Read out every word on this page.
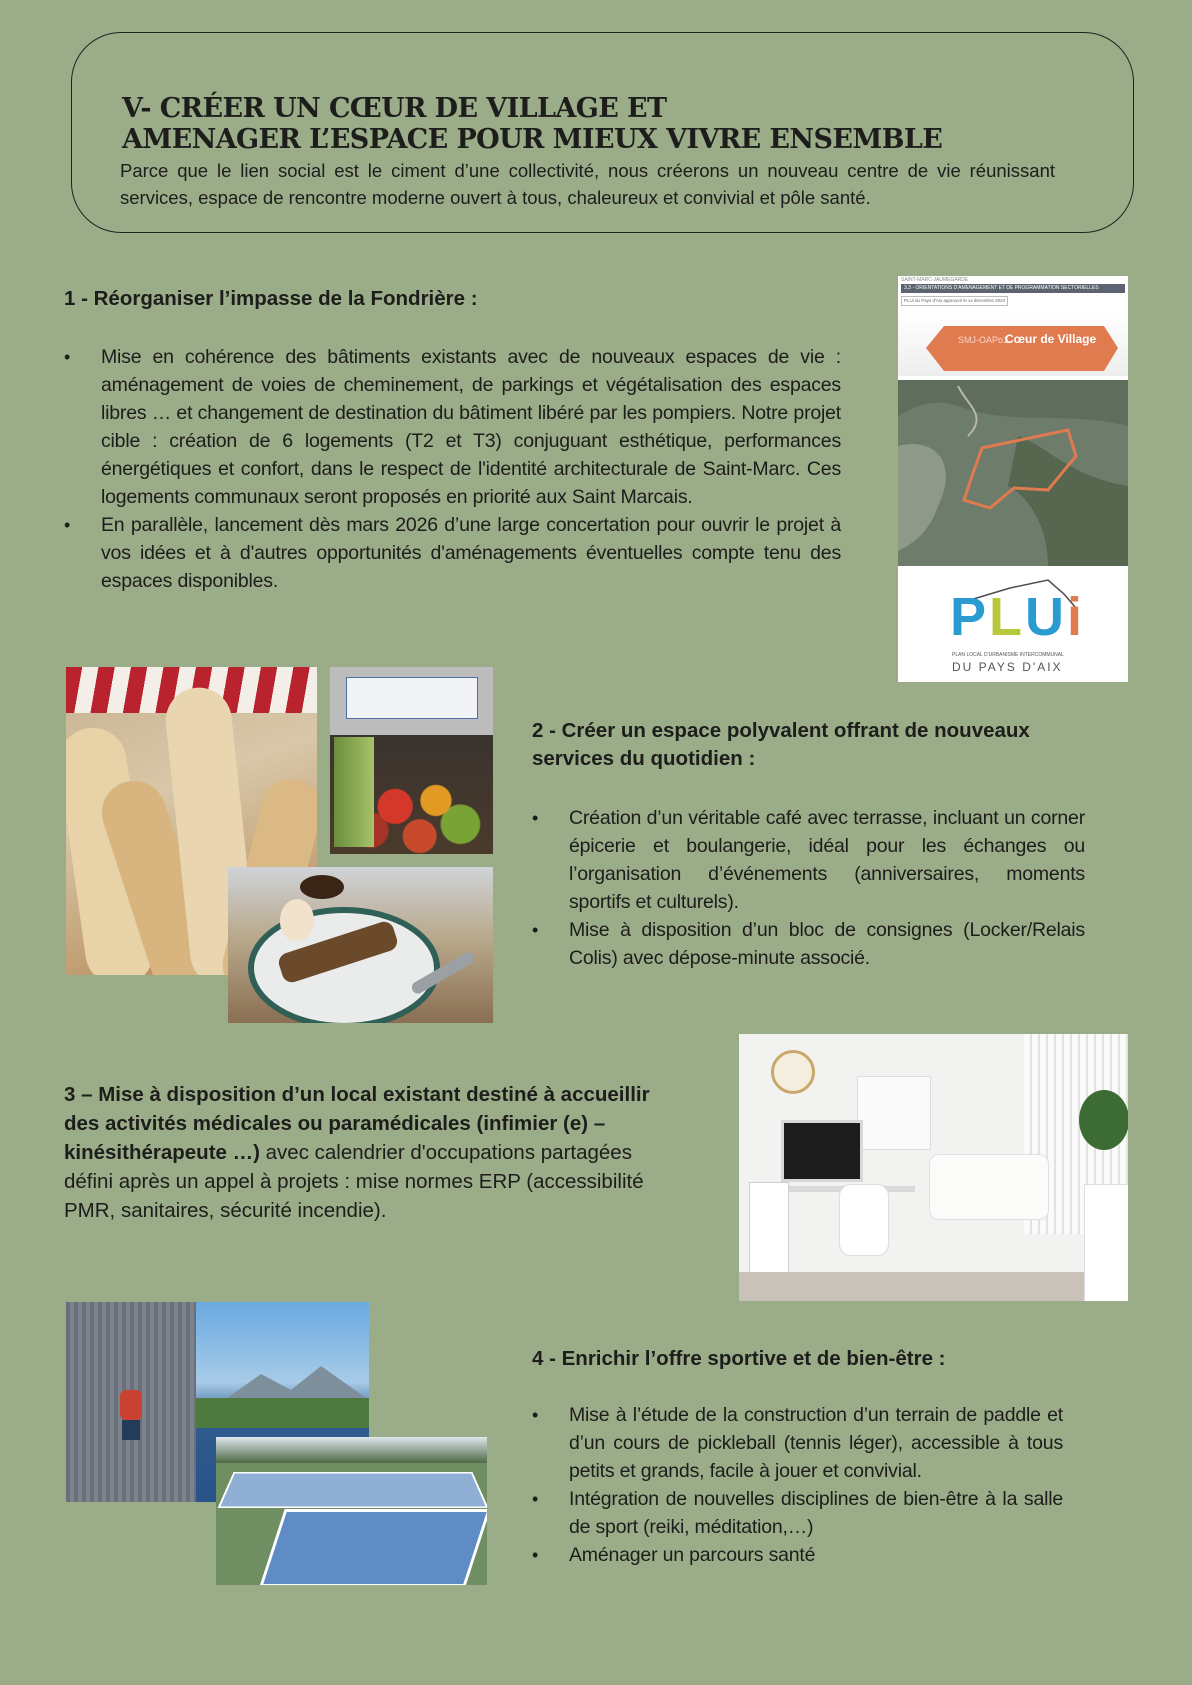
V- CRÉER UN CŒUR DE VILLAGE ET
AMENAGER L’ESPACE POUR MIEUX VIVRE ENSEMBLE

Parce que le lien social est le ciment d’une collectivité, nous créerons un nouveau centre de vie réunissant services, espace de rencontre moderne ouvert à tous, chaleureux et convivial et pôle santé.

1 - Réorganiser l’impasse de la Fondrière :
• Mise en cohérence des bâtiments existants avec de nouveaux espaces de vie : aménagement de voies de cheminement, de parkings et végétalisation des espaces libres … et changement de destination du bâtiment libéré par les pompiers. Notre projet cible : création de 6 logements (T2 et T3) conjuguant esthétique, performances énergétiques et confort, dans le respect de l'identité architecturale de Saint-Marc. Ces logements communaux seront proposés en priorité aux Saint Marcais.
• En parallèle, lancement dès mars 2026 d’une large concertation pour ouvrir le projet à vos idées et à d'autres opportunités d'aménagements éventuelles compte tenu des espaces disponibles.
SAINT-MARC-JAUMEGARDE
3.3 - ORIENTATIONS D'AMENAGEMENT ET DE PROGRAMMATION SECTORIELLES
PLUi du Pays d'Aix approuvé le xx décembre 2024
SMJ-OAPo1
Cœur de Village
PLUi
PLAN LOCAL D'URBANISME INTERCOMMUNAL
DU PAYS D'AIX
2 - Créer un espace polyvalent offrant de nouveaux services du quotidien :
• Création d’un véritable café avec terrasse, incluant un corner épicerie et boulangerie, idéal pour les échanges ou l’organisation d’événements (anniversaires, moments sportifs et culturels).
• Mise à disposition d’un bloc de consignes (Locker/Relais Colis) avec dépose-minute associé.

3 – Mise à disposition d’un local existant destiné à accueillir des activités médicales ou paramédicales (infimier (e) – kinésithérapeute …) avec calendrier d'occupations partagées défini après un appel à projets : mise normes ERP (accessibilité PMR, sanitaires, sécurité incendie).

4 - Enrichir l’offre sportive et de bien-être :
• Mise à l’étude de la construction d’un terrain de paddle et d’un cours de pickleball (tennis léger), accessible à tous petits et grands, facile à jouer et convivial.
• Intégration de nouvelles disciplines de bien-être à la salle de sport (reiki, méditation,…)
• Aménager un parcours santé
